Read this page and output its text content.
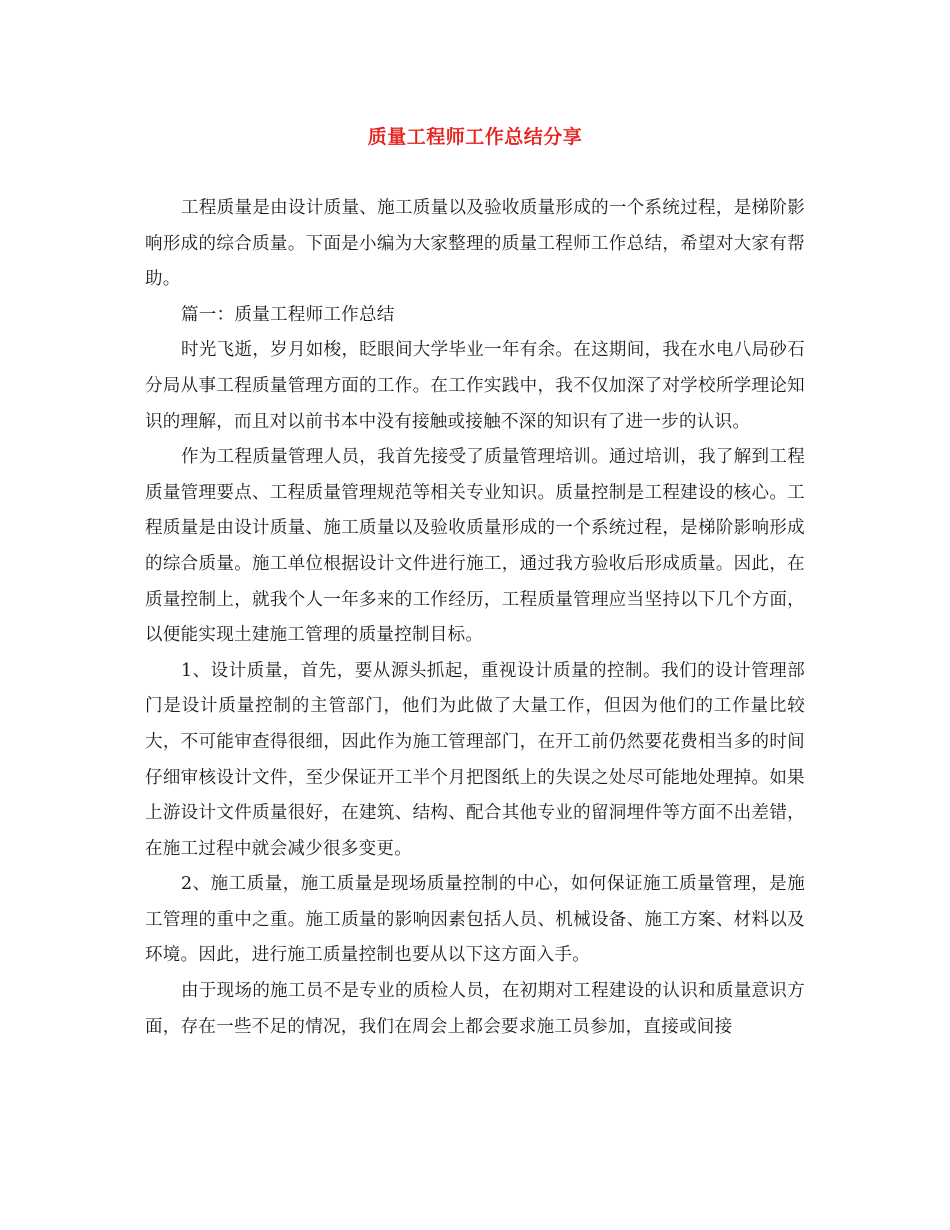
质量工程师工作总结分享

工程质量是由设计质量、施工质量以及验收质量形成的一个系统过程，是梯阶影响形成的综合质量。下面是小编为大家整理的质量工程师工作总结，希望对大家有帮助。

篇一：质量工程师工作总结

时光飞逝，岁月如梭，眨眼间大学毕业一年有余。在这期间，我在水电八局砂石分局从事工程质量管理方面的工作。在工作实践中，我不仅加深了对学校所学理论知识的理解，而且对以前书本中没有接触或接触不深的知识有了进一步的认识。

作为工程质量管理人员，我首先接受了质量管理培训。通过培训，我了解到工程质量管理要点、工程质量管理规范等相关专业知识。质量控制是工程建设的核心。工程质量是由设计质量、施工质量以及验收质量形成的一个系统过程，是梯阶影响形成的综合质量。施工单位根据设计文件进行施工，通过我方验收后形成质量。因此，在质量控制上，就我个人一年多来的工作经历，工程质量管理应当坚持以下几个方面，以便能实现土建施工管理的质量控制目标。

1、设计质量，首先，要从源头抓起，重视设计质量的控制。我们的设计管理部门是设计质量控制的主管部门，他们为此做了大量工作，但因为他们的工作量比较大，不可能审查得很细，因此作为施工管理部门，在开工前仍然要花费相当多的时间仔细审核设计文件，至少保证开工半个月把图纸上的失误之处尽可能地处理掉。如果上游设计文件质量很好，在建筑、结构、配合其他专业的留洞埋件等方面不出差错，在施工过程中就会减少很多变更。

2、施工质量，施工质量是现场质量控制的中心，如何保证施工质量管理，是施工管理的重中之重。施工质量的影响因素包括人员、机械设备、施工方案、材料以及环境。因此，进行施工质量控制也要从以下这方面入手。

由于现场的施工员不是专业的质检人员，在初期对工程建设的认识和质量意识方面，存在一些不足的情况，我们在周会上都会要求施工员参加，直接或间接
